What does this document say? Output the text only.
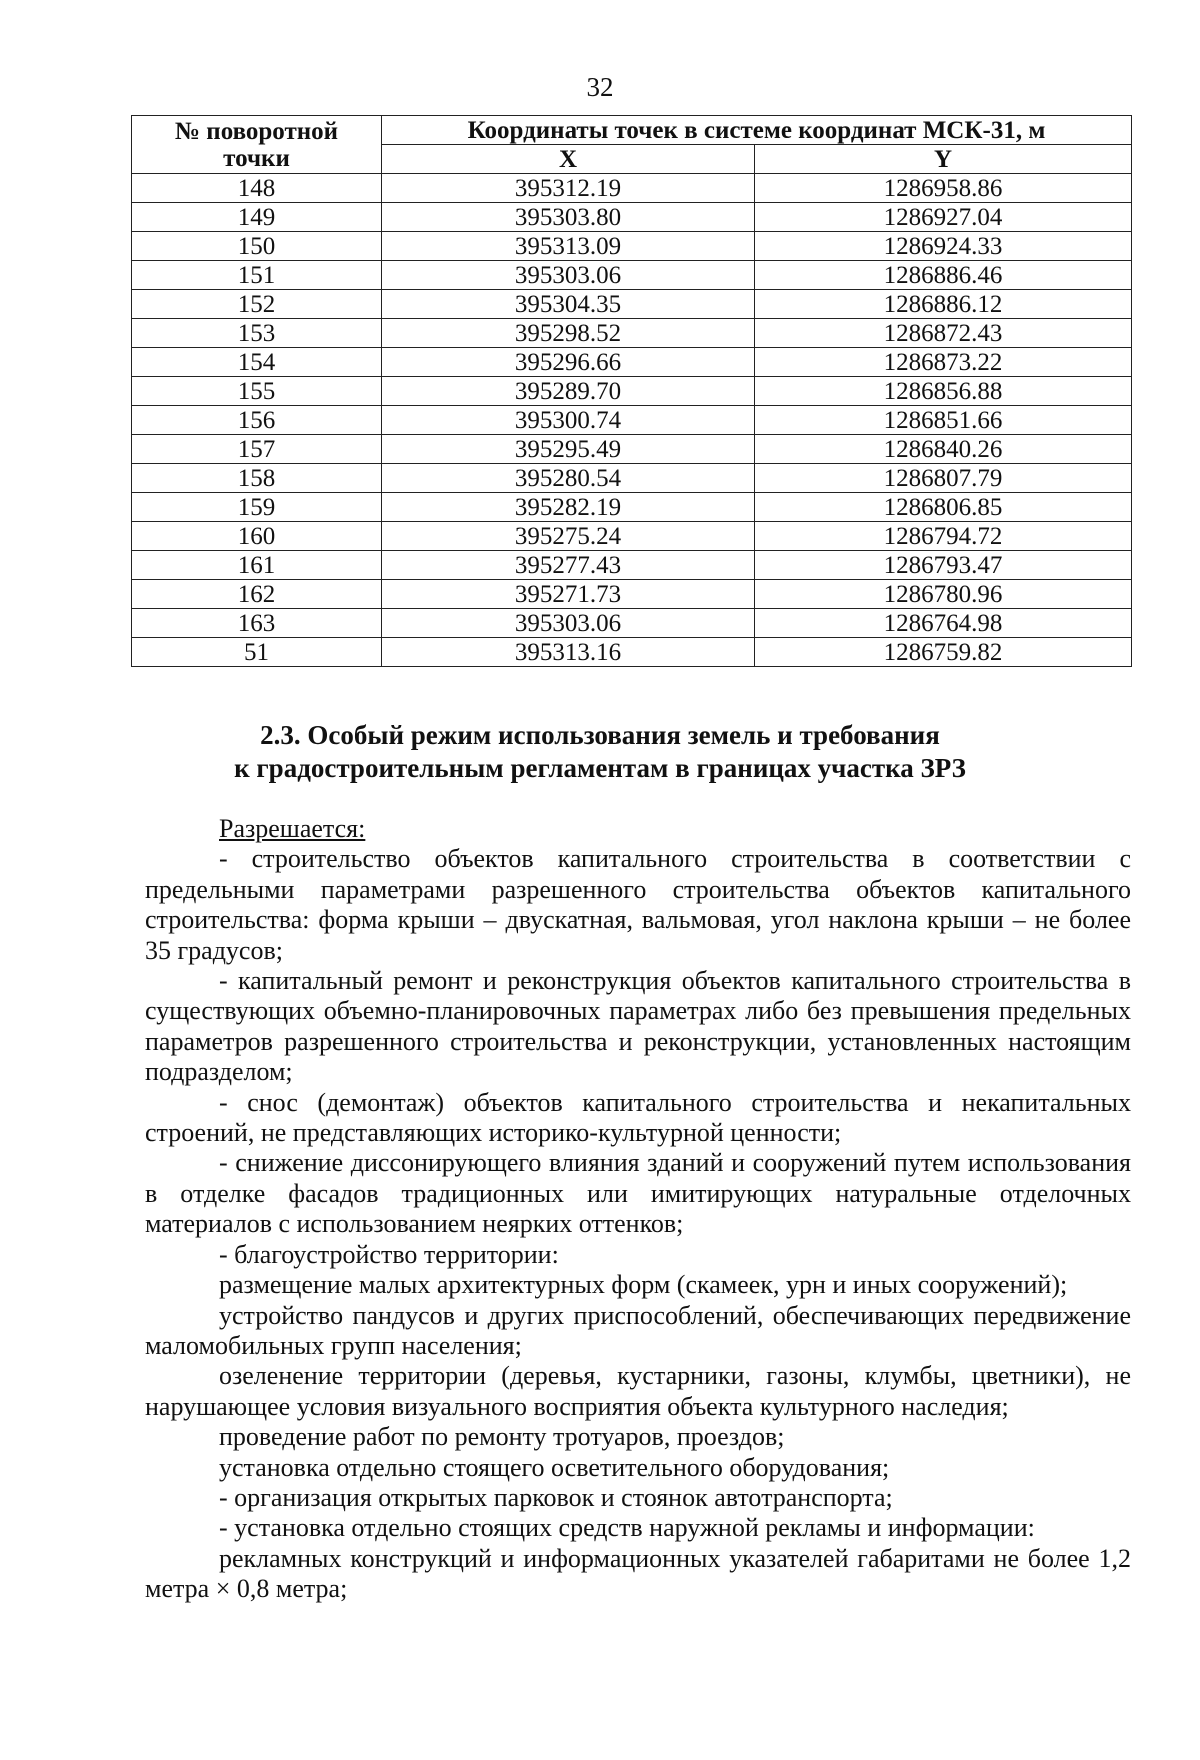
32
№ поворотной
точки	Координаты точек в системе координат МСК-31, м	
	X	Y
148	395312.19	1286958.86
149	395303.80	1286927.04
150	395313.09	1286924.33
151	395303.06	1286886.46
152	395304.35	1286886.12
153	395298.52	1286872.43
154	395296.66	1286873.22
155	395289.70	1286856.88
156	395300.74	1286851.66
157	395295.49	1286840.26
158	395280.54	1286807.79
159	395282.19	1286806.85
160	395275.24	1286794.72
161	395277.43	1286793.47
162	395271.73	1286780.96
163	395303.06	1286764.98
51	395313.16	1286759.82
2.3. Особый режим использования земель и требования
к градостроительным регламентам в границах участка ЗРЗ

Разрешается:

- строительство объектов капитального строительства в соответствии с предельными параметрами разрешенного строительства объектов капитального строительства: форма крыши – двускатная, вальмовая, угол наклона крыши – не более 35 градусов;

- капитальный ремонт и реконструкция объектов капитального строительства в существующих объемно-планировочных параметрах либо без превышения предельных параметров разрешенного строительства и реконструкции, установленных настоящим подразделом;

- снос (демонтаж) объектов капитального строительства и некапитальных строений, не представляющих историко-культурной ценности;

- снижение диссонирующего влияния зданий и сооружений путем использования в отделке фасадов традиционных или имитирующих натуральные отделочных материалов с использованием неярких оттенков;

- благоустройство территории:

размещение малых архитектурных форм (скамеек, урн и иных сооружений);

устройство пандусов и других приспособлений, обеспечивающих передвижение маломобильных групп населения;

озеленение территории (деревья, кустарники, газоны, клумбы, цветники), не нарушающее условия визуального восприятия объекта культурного наследия;

проведение работ по ремонту тротуаров, проездов;

установка отдельно стоящего осветительного оборудования;

- организация открытых парковок и стоянок автотранспорта;

- установка отдельно стоящих средств наружной рекламы и информации:

рекламных конструкций и информационных указателей габаритами не более 1,2 метра × 0,8 метра;
